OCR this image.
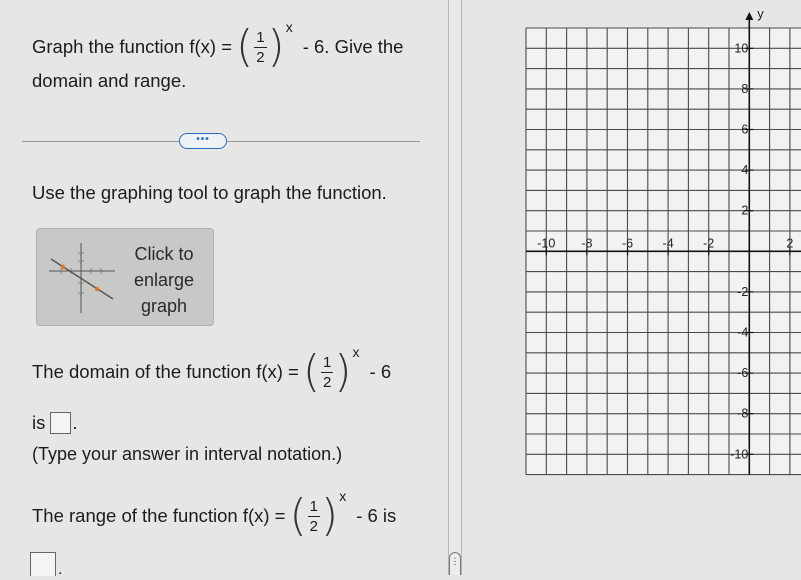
Graph the function f(x) = ( $\frac{1}{2}$ ) x
- 6. Give the
domain and range.
•••
Use the graphing tool to graph the function.
Click to
enlarge
graph
The domain of the function f(x) = ( $\frac{1}{2}$ ) x
- 6
is .
(Type your answer in interval notation.)
The range of the function f(x) = ( $\frac{1}{2}$ ) x
- 6 is
.	⋮
y
-10 -8 -6 -4 -2	2
10
8
6
4
2
-2
-4
-6
-8
-10
